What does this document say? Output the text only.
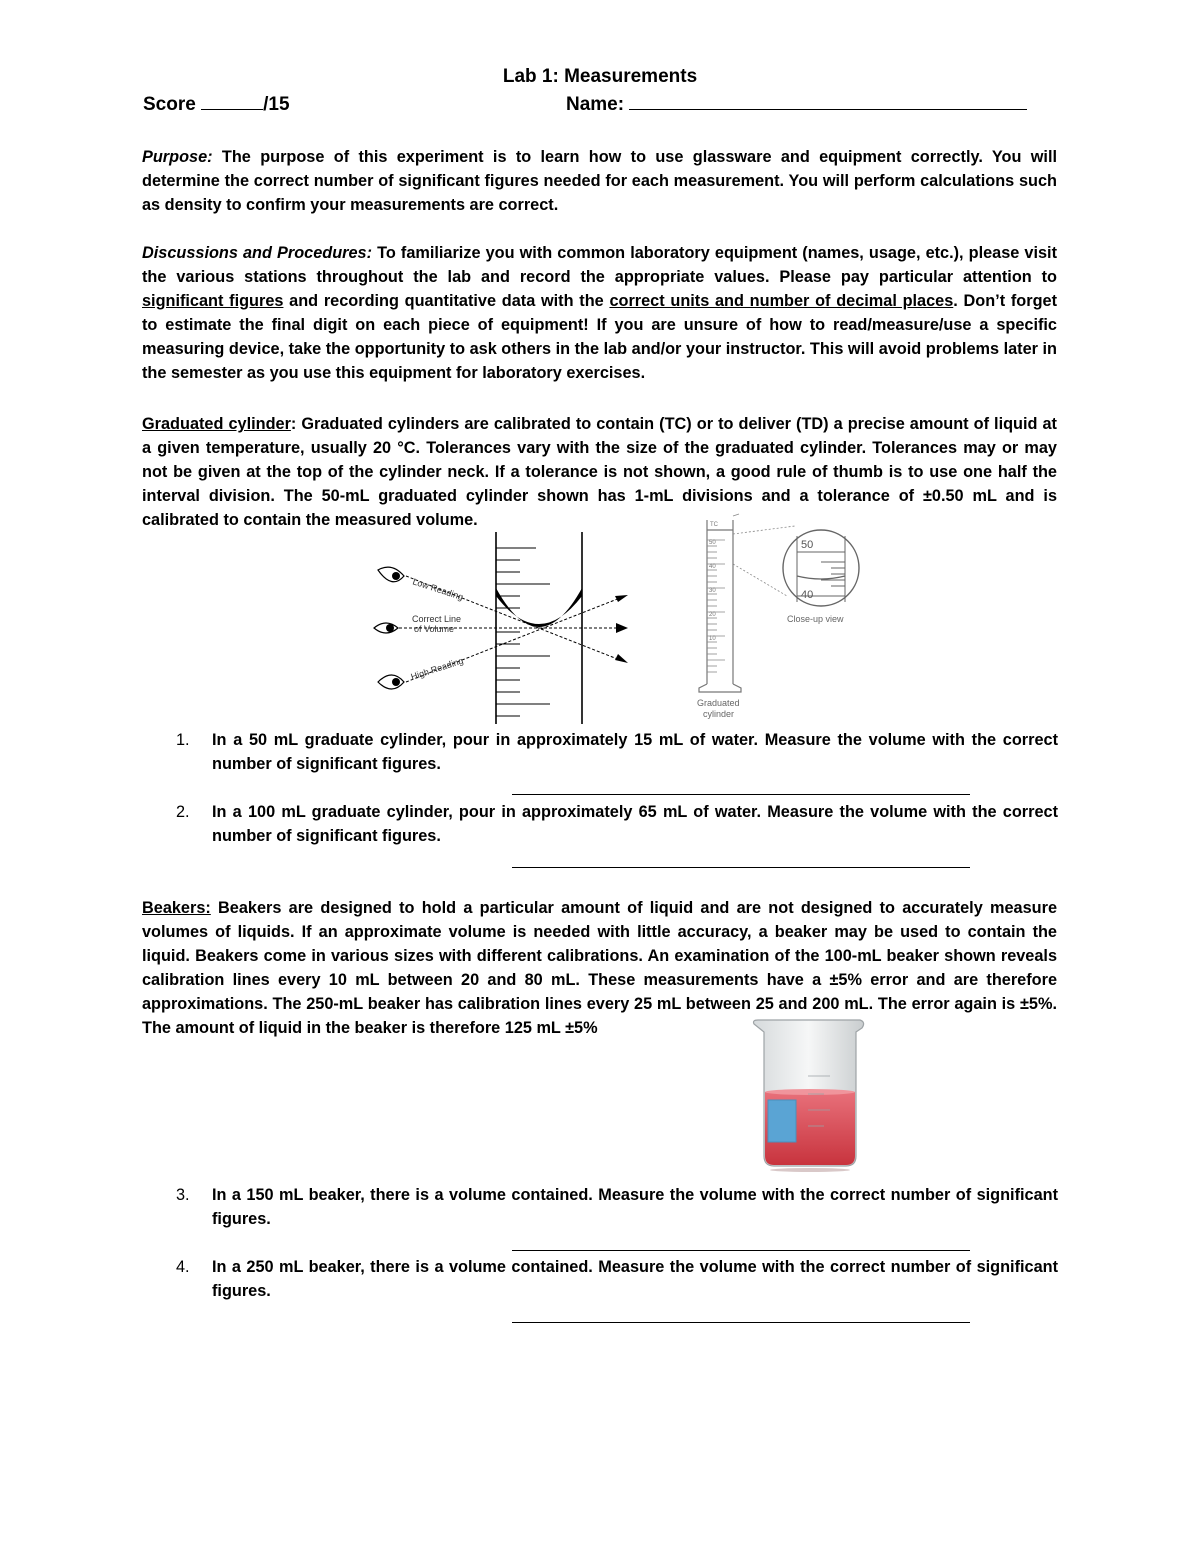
Lab 1: Measurements
Score	/15	Name:
Purpose: The purpose of this experiment is to learn how to use glassware and equipment correctly. You will determine the correct number of significant figures needed for each measurement. You will perform calculations such as density to confirm your measurements are correct.
Discussions and Procedures: To familiarize you with common laboratory equipment (names, usage, etc.), please visit the various stations throughout the lab and record the appropriate values. Please pay particular attention to significant figures and recording quantitative data with the correct units and number of decimal places. Don’t forget to estimate the final digit on each piece of equipment! If you are unsure of how to read/measure/use a specific measuring device, take the opportunity to ask others in the lab and/or your instructor. This will avoid problems later in the semester as you use this equipment for laboratory exercises.
Graduated cylinder: Graduated cylinders are calibrated to contain (TC) or to deliver (TD) a precise amount of liquid at a given temperature, usually 20 °C. Tolerances vary with the size of the graduated cylinder. Tolerances may or may not be given at the top of the cylinder neck. If a tolerance is not shown, a good rule of thumb is to use one half the interval division. The 50-mL graduated cylinder shown has 1-mL divisions and a tolerance of ±0.50 mL and is calibrated to contain the measured volume.
Low Reading
Correct Line
of Volume
High Reading
TC
50
40
30
20
10
50
40
Close-up view
Graduated
cylinder
1. In a 50 mL graduate cylinder, pour in approximately 15 mL of water. Measure the volume with the correct number of significant figures.
2. In a 100 mL graduate cylinder, pour in approximately 65 mL of water. Measure the volume with the correct number of significant figures.
Beakers: Beakers are designed to hold a particular amount of liquid and are not designed to accurately measure volumes of liquids. If an approximate volume is needed with little accuracy, a beaker may be used to contain the liquid. Beakers come in various sizes with different calibrations. An examination of the 100-mL beaker shown reveals calibration lines every 10 mL between 20 and 80 mL. These measurements have a ±5% error and are therefore approximations. The 250-mL beaker has calibration lines every 25 mL between 25 and 200 mL. The error again is ±5%. The amount of liquid in the beaker is therefore 125 mL ±5%
3. In a 150 mL beaker, there is a volume contained. Measure the volume with the correct number of significant figures.
4. In a 250 mL beaker, there is a volume contained. Measure the volume with the correct number of significant figures.
